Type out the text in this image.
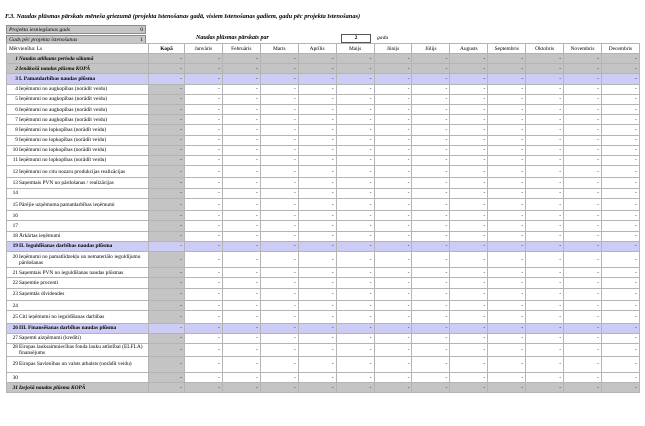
F.3. Naudas plūsmas pārskats mēneša griezumā (projekta īstenošanas gadā, visiem īstenošanas gadiem, gadu pēc projekta īstenošanas)
Projekta iesniegšanas gads	0
Gads pēc projekta īstenošanas	1	Naudas plūsmas pārskats par	2	gadu
Mērvienība: Ls	Kopā	Janvāris	Februāris	Marts	Aprīlis	Maijs	Jūnijs	Jūlijs	Augusts	Septembris	Oktobris	Novembris	Decembris
1Naudas atlikums perioda sākumā	-	-	-	-	-	-	-	-	-	-	-	-	-
2Ienākošā naudas plūsma KOPĀ	-	-	-	-	-	-	-	-	-	-	-	-	-
3I. Pamatdarbības naudas plūsma	-	-	-	-	-	-	-	-	-	-	-	-	-
4Ieņēmumi no augkopības (norādīt veidu)	-	-	-	-	-	-	-	-	-	-	-	-	-
5Ieņēmumi no augkopības (norādīt veidu)	-	-	-	-	-	-	-	-	-	-	-	-	-
6Ieņēmumi no augkopības (norādīt veidu)	-	-	-	-	-	-	-	-	-	-	-	-	-
7Ieņēmumi no augkopības (norādīt veidu)	-	-	-	-	-	-	-	-	-	-	-	-	-
8Ieņēmumi no lopkopības (norādīt veidu)	-	-	-	-	-	-	-	-	-	-	-	-	-
9Ieņēmumi no lopkopības (norādīt veidu)	-	-	-	-	-	-	-	-	-	-	-	-	-
10Ieņēmumi no lopkopības (norādīt veidu)	-	-	-	-	-	-	-	-	-	-	-	-	-
11Ieņēmumi no lopkopības (norādīt veidu)	-	-	-	-	-	-	-	-	-	-	-	-	-
12Ieņēmumi no citu nozaru produkcijas realizācijas	-	-	-	-	-	-	-	-	-	-	-	-	-
13Saņemtais PVN no pārdošanas / realizācijas	-	-	-	-	-	-	-	-	-	-	-	-	-
14	-	-	-	-	-	-	-	-	-	-	-	-	-
15Pārējie uzņēmuma pamatdarbības ieņēmumi	-	-	-	-	-	-	-	-	-	-	-	-	-
16	-	-	-	-	-	-	-	-	-	-	-	-	-
17	-	-	-	-	-	-	-	-	-	-	-	-	-
18Ārkārtas ieņēmumi	-	-	-	-	-	-	-	-	-	-	-	-	-
19II. Ieguldīšanas darbības naudas plūsma	-	-	-	-	-	-	-	-	-	-	-	-	-
20Ieņēmumi no pamatlīdzekļu un nemateriālo ieguldījumu pārdošanas	-	-	-	-	-	-	-	-	-	-	-	-	-
21Saņemtais PVN no ieguldīšanas naudas plūsmas	-	-	-	-	-	-	-	-	-	-	-	-	-
22Saņemtie procenti	-	-	-	-	-	-	-	-	-	-	-	-	-
23Saņemtās dividendes	-	-	-	-	-	-	-	-	-	-	-	-	-
24	-	-	-	-	-	-	-	-	-	-	-	-	-
25Citi ieņēmumi no ieguldīšanas darbības	-	-	-	-	-	-	-	-	-	-	-	-	-
26III. Finansēšanas darbības naudas plūsma	-	-	-	-	-	-	-	-	-	-	-	-	-
27Saņemti aizņēmumi (kredīti)	-	-	-	-	-	-	-	-	-	-	-	-	-
28Eiropas lauksaimniecības fonda lauku attīstībai (ELFLA) finansējums	-	-	-	-	-	-	-	-	-	-	-	-	-
29Eiropas Savienības un valsts atbalsts (norādīt veidu)	-	-	-	-	-	-	-	-	-	-	-	-	-
30	-	-	-	-	-	-	-	-	-	-	-	-	-
31Izejošā naudas plūsma KOPĀ	-	-	-	-	-	-	-	-	-	-	-	-	-
